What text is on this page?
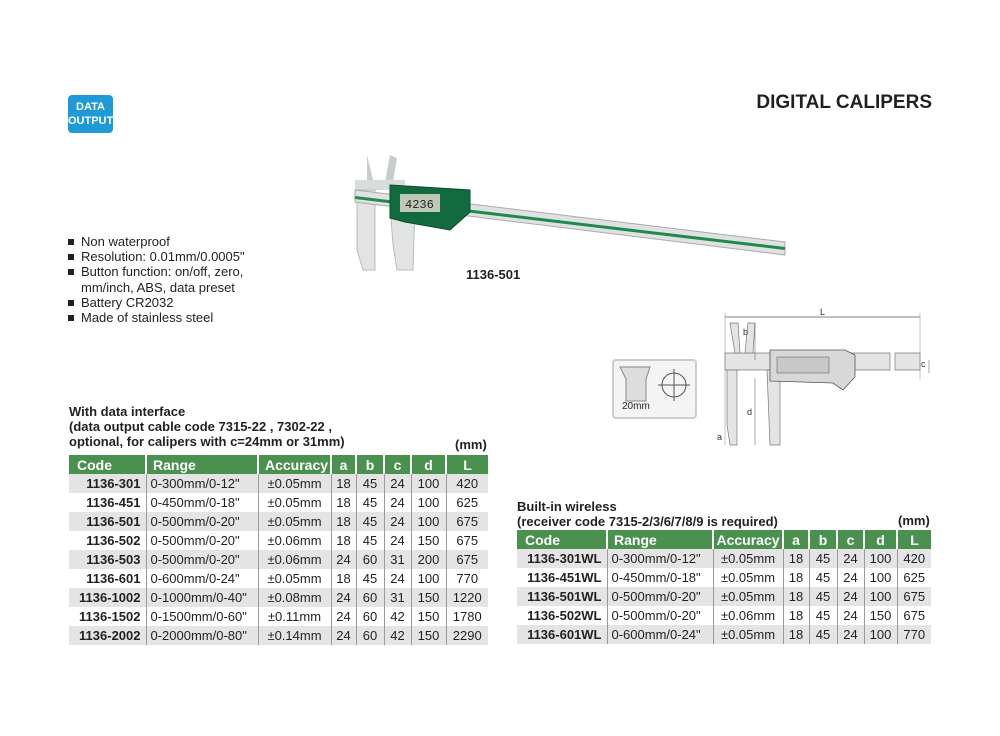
DATA
OUTPUT
DIGITAL CALIPERS
Non waterproof
Resolution: 0.01mm/0.0005"
Button function: on/off, zero, mm/inch, ABS, data preset
Battery CR2032
Made of stainless steel
4236
1136-501
20mm
L
b
c
d
a
With data interface
(data output cable code 7315-22 , 7302-22 ,
optional, for calipers with c=24mm or 31mm)	(mm)
Code	Range	Accuracy	a	b	c	d	L
1136-301	0-300mm/0-12"	±0.05mm	18	45	24	100	420
1136-451	0-450mm/0-18"	±0.05mm	18	45	24	100	625
1136-501	0-500mm/0-20"	±0.05mm	18	45	24	100	675
1136-502	0-500mm/0-20"	±0.06mm	18	45	24	150	675
1136-503	0-500mm/0-20"	±0.06mm	24	60	31	200	675
1136-601	0-600mm/0-24"	±0.05mm	18	45	24	100	770
1136-1002	0-1000mm/0-40"	±0.08mm	24	60	31	150	1220
1136-1502	0-1500mm/0-60"	±0.11mm	24	60	42	150	1780
1136-2002	0-2000mm/0-80"	±0.14mm	24	60	42	150	2290
Built-in wireless
(receiver code 7315-2/3/6/7/8/9 is required)	(mm)
Code	Range	Accuracy	a	b	c	d	L
1136-301WL	0-300mm/0-12"	±0.05mm	18	45	24	100	420
1136-451WL	0-450mm/0-18"	±0.05mm	18	45	24	100	625
1136-501WL	0-500mm/0-20"	±0.05mm	18	45	24	100	675
1136-502WL	0-500mm/0-20"	±0.06mm	18	45	24	150	675
1136-601WL	0-600mm/0-24"	±0.05mm	18	45	24	100	770
